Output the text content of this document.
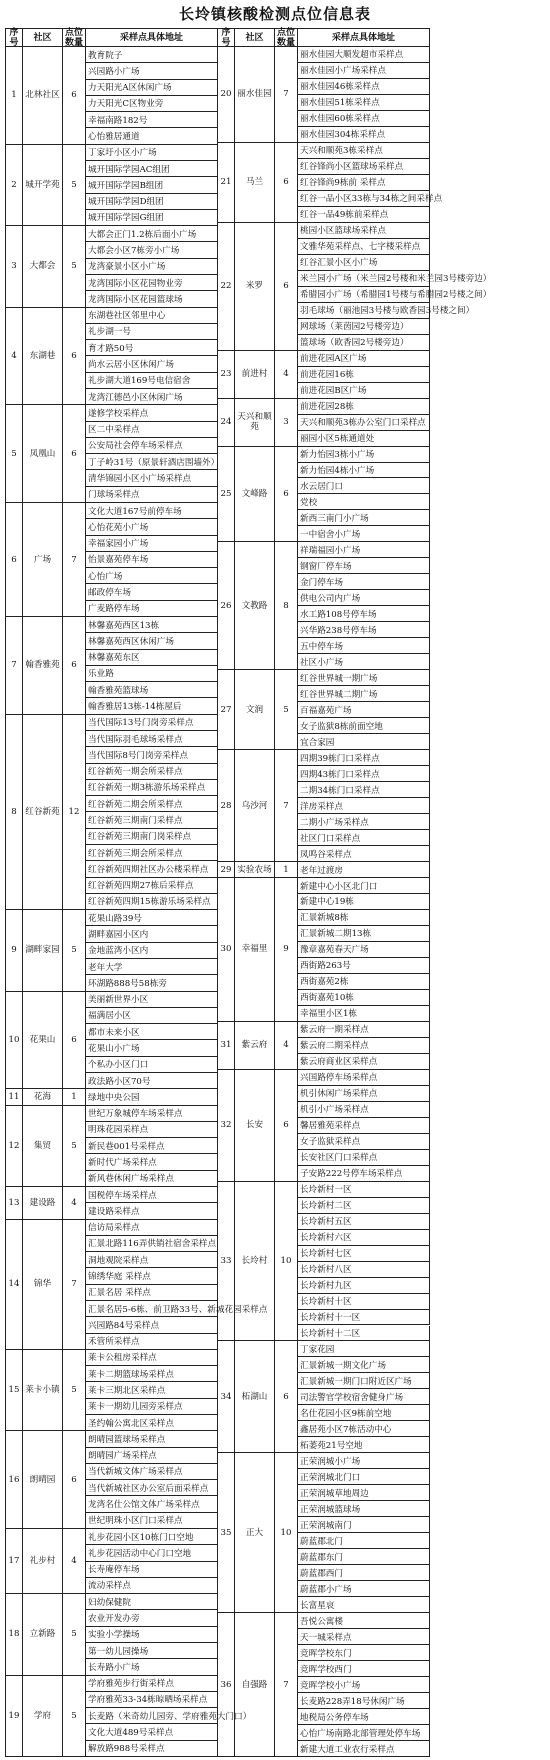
长坽镇核酸检测点位信息表
序号	社区	点位数量	采样点具体地址
1 北林社区	6
教育院子
兴园路小广场
力天阳光A区休闲广场
力天阳光C区物业旁
幸福南路182号
心怡雅居通道
2 城开学苑	5
丁家圩小区小广场
城开国际学园AC组团
城开国际学园B组团
城开国际学园D组团
城开国际学园G组团
3	大都会	5
大都会正门1.2栋后面小广场
大都会小区7栋旁小广场
龙湾豪景小区小广场
龙湾国际小区花园物业旁
龙湾国际小区花园篮球场
4	东湖巷	6
东湖巷社区邻里中心
礼步湖一号
育才路50号
尚水云居小区休闲广场
礼步湖大道169号电信宿舍
龙湾江德邑小区休闲广场
5	凤凰山	6
遂修学校采样点
区二中采样点
公安局社会停车场采样点
丁子岭31号（原景轩酒店围墙外）
清华锦园小区小广场采样点
门球场采样点
6	广场	7
文化大道167号前停车场
心怡花苑小广场
幸福家园小广场
怡景嘉苑停车场
心怡广场
邮政停车场
广麦路停车场
7 翰香雅苑	6
林馨嘉苑西区13栋
林馨嘉苑西区休闲广场
林馨嘉苑东区
乐业路
翰香雅苑篮球场
翰香雅居13栋-14栋屋后
8 红谷新苑	12
当代国际13号门岗旁采样点
当代国际羽毛球场采样点
当代国际8号门岗旁采样点
红谷新苑一期会所采样点
红谷新苑一期3栋游乐场采样点
红谷新苑二期会所采样点
红谷新苑三期南门采样点
红谷新苑三期南门岗采样点
红谷新苑三期会所采样点
红谷新苑四期社区办公楼采样点
红谷新苑四期27栋后采样点
红谷新苑四期15栋游乐场采样点
9 湖畔家园	5
花果山路39号
湖畔嘉园小区内
金地蓝湾小区内
老年大学
环湖路888号58栋旁
10	花果山	6
美丽新世界小区
福满居小区
都市未来小区
花果山小广场
个私办小区门口
政法路小区70号
11	花海	1	绿地中央公园
12	集贸	5
世纪万象城停车场采样点
明珠花园采样点
新民巷001号采样点
新时代广场采样点
新风巷休闲广场采样点
13	建设路	4
国税停车场采样点
建设路采样点
14	锦华	7
信访局采样点
汇景北路116弄供销社宿舍采样点
洞地观院采样点
锦绣华庭 采样点
汇景名居 采样点
汇景名居5-6栋、前卫路33号、新城花园采样点
兴园路84号采样点
禾管所采样点
15 莱卡小镇	5
莱卡公租房采样点
莱卡二期篮球场采样点
莱卡三期北区采样点
莱卡一期幼儿园旁采样点
圣约翰公寓北区采样点
16	朗晴园	6
朗晴园篮球场采样点
朗晴园广场采样点
当代新城文体广场采样点
当代新城社区办公室后面采样点
龙湾名仕公馆文体广场采样点
世纪明珠小区门口采样点
17	礼步村	4
礼步花园小区10栋门口空地
礼步花园活动中心门口空地
长寿庵停车场
流动采样点
18	立新路	5
妇幼保健院
农业开发办旁
实验小学操场
第一幼儿园操场
长寿路小广场
19	学府	5
学府雅苑步行街采样点
学府雅苑33-34栋晾晒场采样点
长麦路（米奇幼儿园旁、学府雅苑大门口）
文化大道489号采样点
解放路988号采样点
序号	社区	点位数量	采样点具体地址
20 丽水佳园	7
丽水佳园大顺发超市采样点
丽水佳园小广场采样点
丽水佳园46栋采样点
丽水佳园51栋采样点
丽水佳园60栋采样点
丽水佳园304栋采样点
21	马兰	6
天兴和顺苑3栋采样点
红谷锋尚小区篮球场采样点
红谷锋尚9栋前 采样点
红谷一品小区33栋与34栋之间采样点
红谷一品49栋前采样点
22	米罗	6
桃园小区篮球场采样点
文雅华苑采样点、七字楼采样点
红谷汇景小区小广场
米兰园小广场（米兰园2号楼和米兰园3号楼旁边）
希腊园小广场（希腊园1号楼与希腊园2号楼之间）
羽毛球场（丽池园3号楼与欧香园3号楼之间）
网球场（莱茵园2号楼旁边）
篮球场（欧香园2号楼旁边）
23	前进村	4
前进花园A区广场
前进花园16栋
前进花园B区广场
24 天兴和顺苑	3
前进花园28栋
天兴和顺苑3栋办公室门口采样点
丽园小区5栋通道处
25	文峰路	6
新力怡园3栋小广场
新力怡园4栋小广场
水云居门口
党校
新西三南门小广场
一中宿舍小广场
26	文教路	8
祥瑞福园小广场
钢窗厂停车场
金门停车场
供电公司内广场
水工路108号停车场
兴华路238号停车场
五中停车场
社区小广场
27	文润	5
红谷世界城一期广场
红谷世界城二期广场
百福嘉苑广场
女子监狱8栋前面空地
宜合家园
28	乌沙河	7
四期39栋门口采样点
四期43栋门口采样点
二期34栋门口采样点
洋房采样点
二期小广场采样点
社区门口采样点
凤鸣谷采样点
29 实验农场	1	老年过渡房
30	幸福里	9
新建中心小区北门口
新建中心19栋
汇景新城8栋
汇景新城二期13栋
豫章嘉苑春天广场
西街路263号
西街嘉苑2栋
西街嘉苑10栋
幸福里小区1栋
31	紫云府	4
紫云府一期采样点
紫云府二期采样点
紫云府商业区采样点
32	长安	6
兴国路停车场采样点
机引休闲广场采样点
机引小广场采样点
馨居雅苑采样点
女子监狱采样点
长安社区门口采样点
子安路222号停车场采样点
33	长坽村	10
长坽新村一区
长坽新村二区
长坽新村五区
长坽新村六区
长坽新村七区
长坽新村八区
长坽新村九区
长坽新村十区
长坽新村十一区
长坽新村十二区
34	柘湖山	6
丁家花园
汇景新城一期文化广场
汇景新城一期门口附近区广场
司法警官学校宿舍健身广场
名仕花园小区9栋前空地
鑫居苑小区7栋活动中心
柘萎苑21号空地
35	正大	10
正荣润城小广场
正荣润城北门口
正荣润城草地周边
正荣润城篮球场
正荣润城南门
蔚蓝郡北门
蔚蓝郡东门
蔚蓝郡西门
蔚蓝郡小广场
长富星哀
36	自强路	7
吾悦公寓楼
天一城采样点
竞晖学校东门
竞晖学校西门
竞晖学校小广场
长麦路228弄18号休闲广场
地税局公务停车场
心怡广场南路北部管理处停车场
新建大道工业农行采样点
